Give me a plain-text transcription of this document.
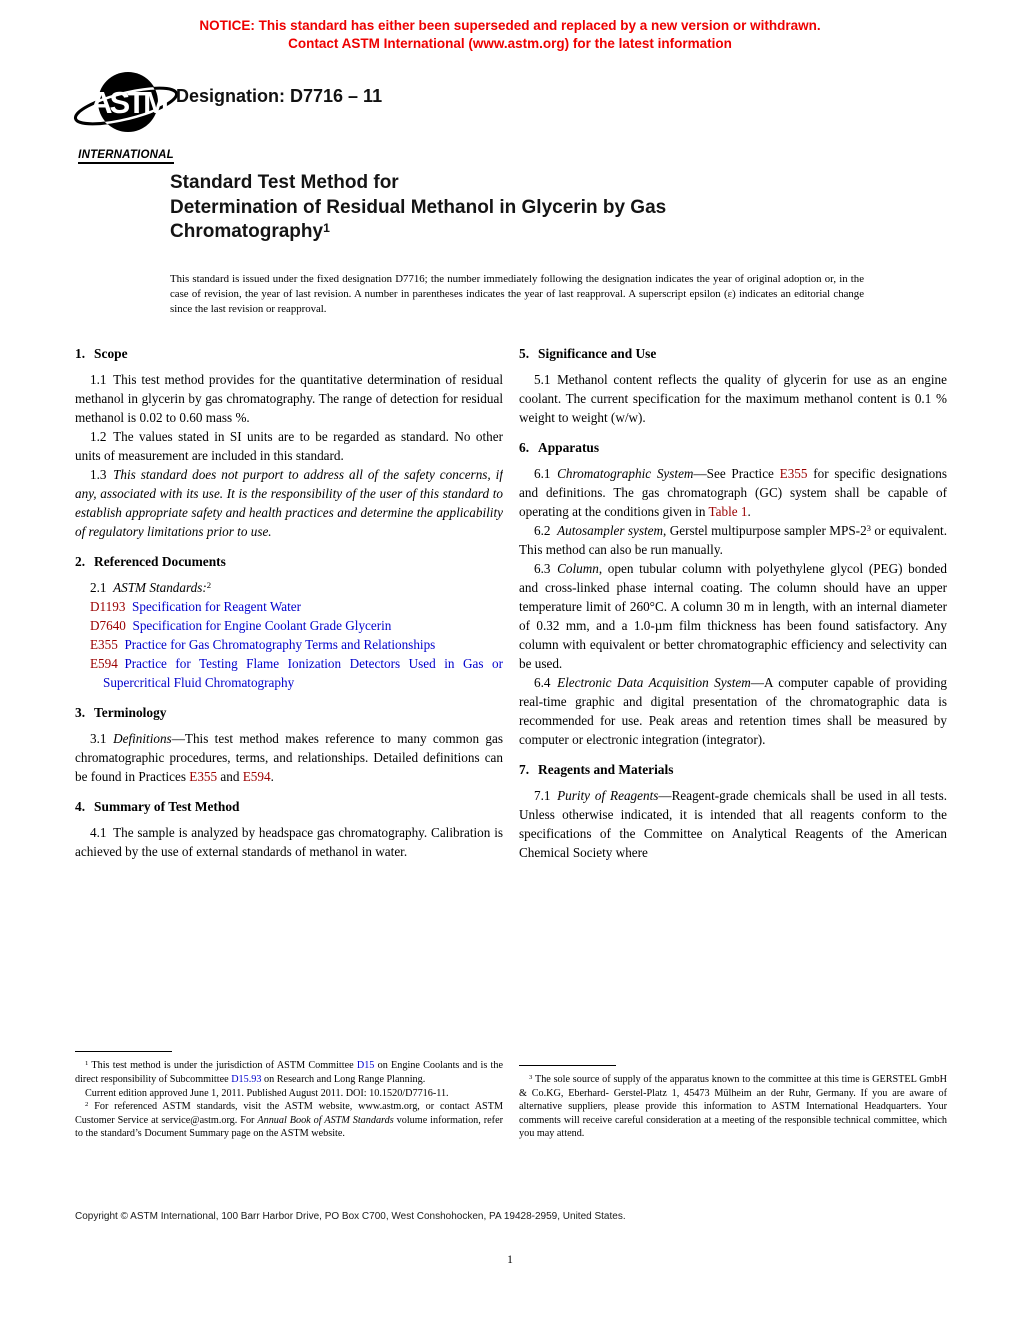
NOTICE: This standard has either been superseded and replaced by a new version or withdrawn.
Contact ASTM International (www.astm.org) for the latest information
ASTM
INTERNATIONAL
Designation: D7716 – 11
Standard Test Method for
Determination of Residual Methanol in Glycerin by Gas
Chromatography$^1$

This standard is issued under the fixed designation D7716; the number immediately following the designation indicates the year of original adoption or, in the case of revision, the year of last revision. A number in parentheses indicates the year of last reapproval. A superscript epsilon (ε) indicates an editorial change since the last revision or reapproval.

1. Scope

1.1 This test method provides for the quantitative determination of residual methanol in glycerin by gas chromatography. The range of detection for residual methanol is 0.02 to 0.60 mass %.

1.2 The values stated in SI units are to be regarded as standard. No other units of measurement are included in this standard.

1.3 This standard does not purport to address all of the safety concerns, if any, associated with its use. It is the responsibility of the user of this standard to establish appropriate safety and health practices and determine the applicability of regulatory limitations prior to use.

2. Referenced Documents

2.1 ASTM Standards:$^2$

D1193  Specification for Reagent Water

D7640  Specification for Engine Coolant Grade Glycerin

E355  Practice for Gas Chromatography Terms and Relationships

E594  Practice for Testing Flame Ionization Detectors Used in Gas or Supercritical Fluid Chromatography

3. Terminology

3.1 Definitions—This test method makes reference to many common gas chromatographic procedures, terms, and relationships. Detailed definitions can be found in Practices E355 and E594.

4. Summary of Test Method

4.1 The sample is analyzed by headspace gas chromatography. Calibration is achieved by the use of external standards of methanol in water.

$^1$ This test method is under the jurisdiction of ASTM Committee D15 on Engine Coolants and is the direct responsibility of Subcommittee D15.93 on Research and Long Range Planning.

Current edition approved June 1, 2011. Published August 2011. DOI: 10.1520/D7716-11.

$^2$ For referenced ASTM standards, visit the ASTM website, www.astm.org, or contact ASTM Customer Service at service@astm.org. For Annual Book of ASTM Standards volume information, refer to the standard’s Document Summary page on the ASTM website.

5. Significance and Use

5.1 Methanol content reflects the quality of glycerin for use as an engine coolant. The current specification for the maximum methanol content is 0.1 % weight to weight (w/w).

6. Apparatus

6.1 Chromatographic System—See Practice E355 for specific designations and definitions. The gas chromatograph (GC) system shall be capable of operating at the conditions given in Table 1.

6.2 Autosampler system, Gerstel multipurpose sampler MPS-$2^3$ or equivalent. This method can also be run manually.

6.3 Column, open tubular column with polyethylene glycol (PEG) bonded and cross-linked phase internal coating. The column should have an upper temperature limit of 260°C. A column 30 m in length, with an internal diameter of 0.32 mm, and a 1.0-µm film thickness has been found satisfactory. Any column with equivalent or better chromatographic efficiency and selectivity can be used.

6.4 Electronic Data Acquisition System—A computer capable of providing real-time graphic and digital presentation of the chromatographic data is recommended for use. Peak areas and retention times shall be measured by computer or electronic integration (integrator).

7. Reagents and Materials

7.1 Purity of Reagents—Reagent-grade chemicals shall be used in all tests. Unless otherwise indicated, it is intended that all reagents conform to the specifications of the Committee on Analytical Reagents of the American Chemical Society where

$^3$ The sole source of supply of the apparatus known to the committee at this time is GERSTEL GmbH & Co.KG, Eberhard- Gerstel-Platz 1, 45473 Mülheim an der Ruhr, Germany. If you are aware of alternative suppliers, please provide this information to ASTM International Headquarters. Your comments will receive careful consideration at a meeting of the responsible technical committee, which you may attend.

Copyright © ASTM International, 100 Barr Harbor Drive, PO Box C700, West Conshohocken, PA 19428-2959, United States.
1
